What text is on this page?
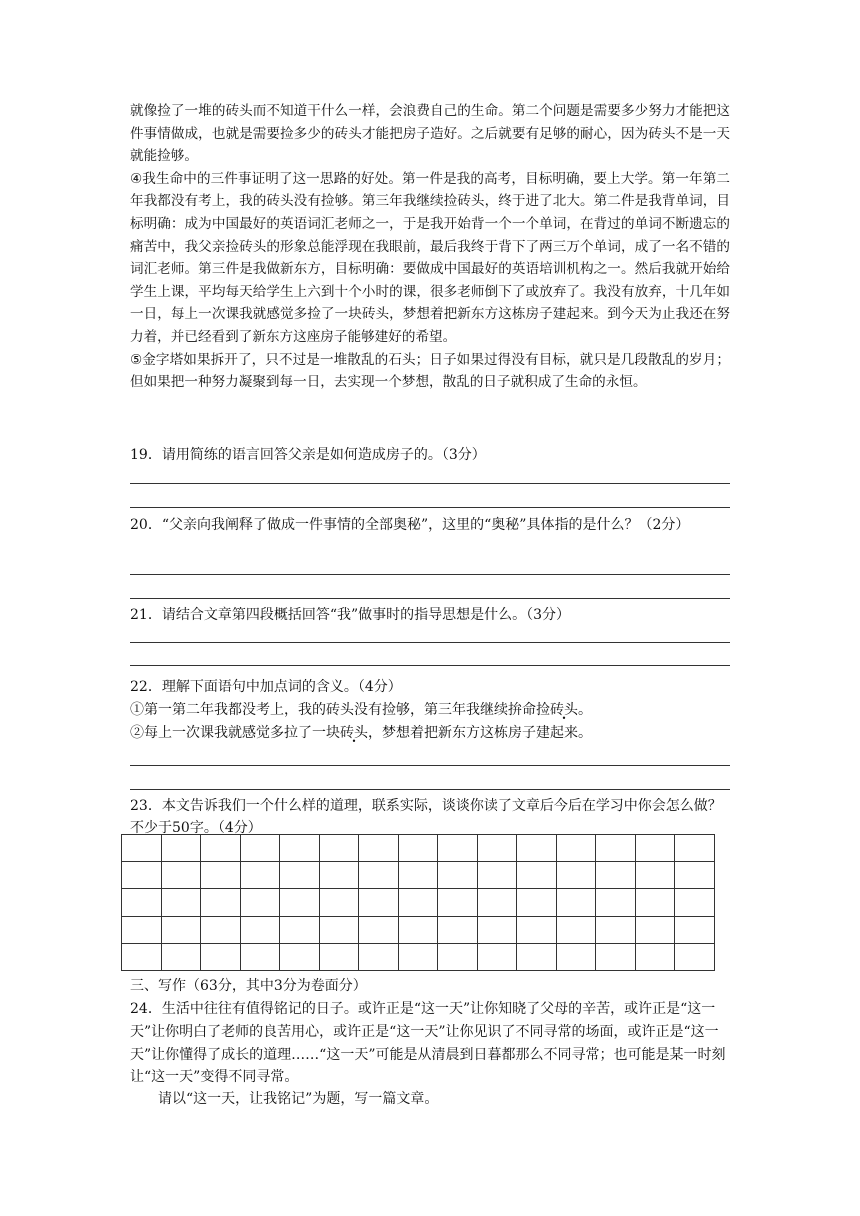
就像捡了一堆的砖头而不知道干什么一样，会浪费自己的生命。第二个问题是需要多少努力才能把这件事情做成，也就是需要捡多少的砖头才能把房子造好。之后就要有足够的耐心，因为砖头不是一天就能捡够。

④我生命中的三件事证明了这一思路的好处。第一件是我的高考，目标明确，要上大学。第一年第二年我都没有考上，我的砖头没有捡够。第三年我继续捡砖头，终于进了北大。第二件是我背单词，目标明确：成为中国最好的英语词汇老师之一，于是我开始背一个一个单词，在背过的单词不断遗忘的痛苦中，我父亲捡砖头的形象总能浮现在我眼前，最后我终于背下了两三万个单词，成了一名不错的词汇老师。第三件是我做新东方，目标明确：要做成中国最好的英语培训机构之一。然后我就开始给学生上课，平均每天给学生上六到十个小时的课，很多老师倒下了或放弃了。我没有放弃，十几年如一日，每上一次课我就感觉多捡了一块砖头，梦想着把新东方这栋房子建起来。到今天为止我还在努力着，并已经看到了新东方这座房子能够建好的希望。

⑤金字塔如果拆开了，只不过是一堆散乱的石头；日子如果过得没有目标，就只是几段散乱的岁月；但如果把一种努力凝聚到每一日，去实现一个梦想，散乱的日子就积成了生命的永恒。

19．请用简练的语言回答父亲是如何造成房子的。（3分）

20．“父亲向我阐释了做成一件事情的全部奥秘”，这里的“奥秘”具体指的是什么？（2分）

21．请结合文章第四段概括回答“我”做事时的指导思想是什么。（3分）

22．理解下面语句中加点词的含义。（4分）

①第一第二年我都没考上，我的砖头没有捡够，第三年我继续拚命捡砖头。

②每上一次课我就感觉多拉了一块砖头，梦想着把新东方这栋房子建起来。

23．本文告诉我们一个什么样的道理，联系实际，谈谈你读了文章后今后在学习中你会怎么做？不少于50字。（4分）

三、写作（63分，其中3分为卷面分）

24．生活中往往有值得铭记的日子。或许正是“这一天”让你知晓了父母的辛苦，或许正是“这一天”让你明白了老师的良苦用心，或许正是“这一天”让你见识了不同寻常的场面，或许正是“这一天”让你懂得了成长的道理……“这一天”可能是从清晨到日暮都那么不同寻常；也可能是某一时刻让“这一天”变得不同寻常。

请以“这一天，让我铭记”为题，写一篇文章。
